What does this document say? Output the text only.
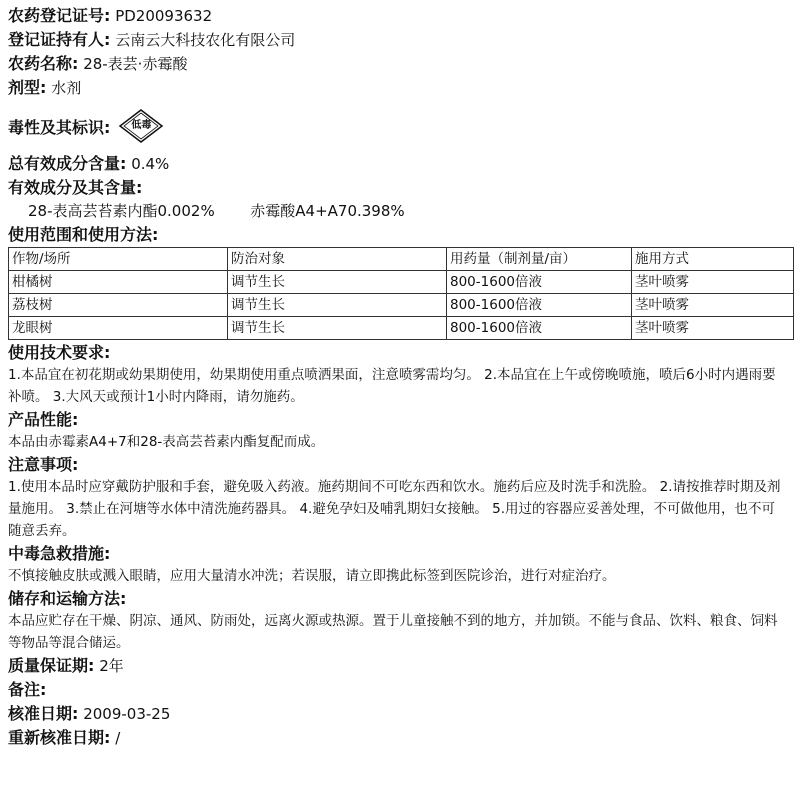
农药登记证号: PD20093632
登记证持有人: 云南云大科技农化有限公司
农药名称: 28-表芸·赤霉酸
剂型: 水剂
毒性及其标识:	低毒
总有效成分含量: 0.4%
有效成分及其含量:
28-表高芸苔素内酯0.002% 赤霉酸A4+A70.398%
使用范围和使用方法:
作物/场所	防治对象	用药量（制剂量/亩）	施用方式
柑橘树	调节生长	800-1600倍液	茎叶喷雾
荔枝树	调节生长	800-1600倍液	茎叶喷雾
龙眼树	调节生长	800-1600倍液	茎叶喷雾
使用技术要求:
1.本品宜在初花期或幼果期使用，幼果期使用重点喷洒果面，注意喷雾需均匀。 2.本品宜在上午或傍晚喷施，喷后6小时内遇雨要补喷。 3.大风天或预计1小时内降雨，请勿施药。
产品性能:
本品由赤霉素A4+7和28-表高芸苔素内酯复配而成。
注意事项:
1.使用本品时应穿戴防护服和手套，避免吸入药液。施药期间不可吃东西和饮水。施药后应及时洗手和洗脸。 2.请按推荐时期及剂量施用。 3.禁止在河塘等水体中清洗施药器具。 4.避免孕妇及哺乳期妇女接触。 5.用过的容器应妥善处理，不可做他用，也不可随意丢弃。
中毒急救措施:
不慎接触皮肤或溅入眼睛，应用大量清水冲洗；若误服，请立即携此标签到医院诊治，进行对症治疗。
储存和运输方法:
本品应贮存在干燥、阴凉、通风、防雨处，远离火源或热源。置于儿童接触不到的地方，并加锁。不能与食品、饮料、粮食、饲料等物品等混合储运。
质量保证期: 2年
备注:
核准日期: 2009-03-25
重新核准日期: /
